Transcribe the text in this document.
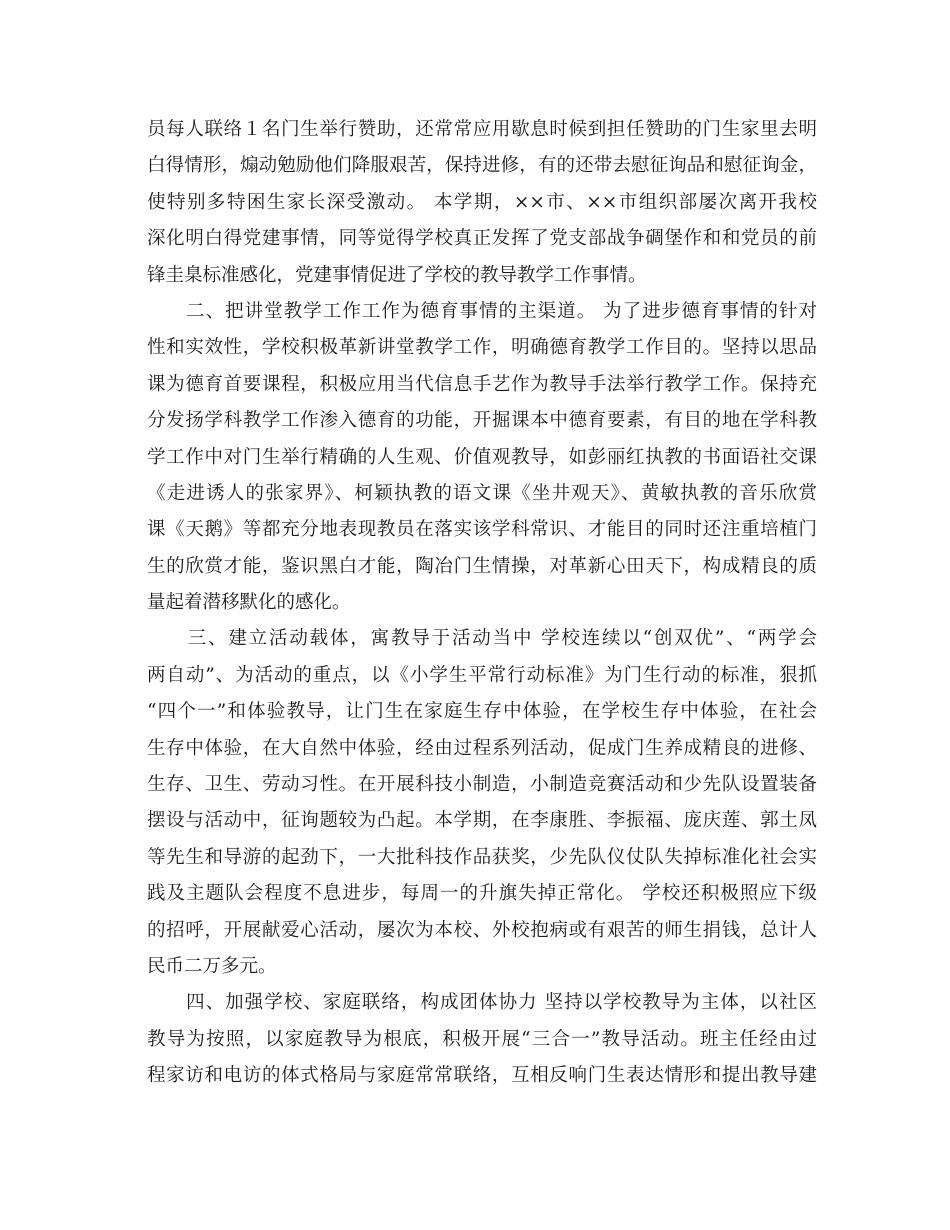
员每人联络１名门生举行赞助，还常常应用歇息时候到担任赞助的门生家里去明
白得情形，煽动勉励他们降服艰苦，保持进修，有的还带去慰征询品和慰征询金，
使特别多特困生家长深受激动。 本学期，××市、××市组织部屡次离开我校
深化明白得党建事情，同等觉得学校真正发挥了党支部战争碉堡作和和党员的前
锋圭臬标准感化，党建事情促进了学校的教导教学工作事情。
　　二、把讲堂教学工作工作为德育事情的主渠道。 为了进步德育事情的针对
性和实效性，学校积极革新讲堂教学工作，明确德育教学工作目的。坚持以思品
课为德育首要课程，积极应用当代信息手艺作为教导手法举行教学工作。保持充
分发扬学科教学工作渗入德育的功能，开掘课本中德育要素，有目的地在学科教
学工作中对门生举行精确的人生观、价值观教导，如彭丽红执教的书面语社交课
《走进诱人的张家界》、柯颖执教的语文课《坐井观天》、黄敏执教的音乐欣赏
课《天鹅》等都充分地表现教员在落实该学科常识、才能目的同时还注重培植门
生的欣赏才能，鉴识黑白才能，陶冶门生情操，对革新心田天下，构成精良的质
量起着潜移默化的感化。
　　三、建立活动载体，寓教导于活动当中 学校连续以“创双优”、“两学会
两自动”、为活动的重点，以《小学生平常行动标准》为门生行动的标准，狠抓
“四个一”和体验教导，让门生在家庭生存中体验，在学校生存中体验，在社会
生存中体验，在大自然中体验，经由过程系列活动，促成门生养成精良的进修、
生存、卫生、劳动习性。在开展科技小制造，小制造竞赛活动和少先队设置装备
摆设与活动中，征询题较为凸起。本学期，在李康胜、李振福、庞庆莲、郭土凤
等先生和导游的起劲下，一大批科技作品获奖，少先队仪仗队失掉标准化社会实
践及主题队会程度不息进步，每周一的升旗失掉正常化。 学校还积极照应下级
的招呼，开展献爱心活动，屡次为本校、外校抱病或有艰苦的师生捐钱，总计人
民币二万多元。
　　四、加强学校、家庭联络，构成团体协力 坚持以学校教导为主体，以社区
教导为按照，以家庭教导为根底，积极开展“三合一”教导活动。班主任经由过
程家访和电访的体式格局与家庭常常联络，互相反响门生表达情形和提出教导建
